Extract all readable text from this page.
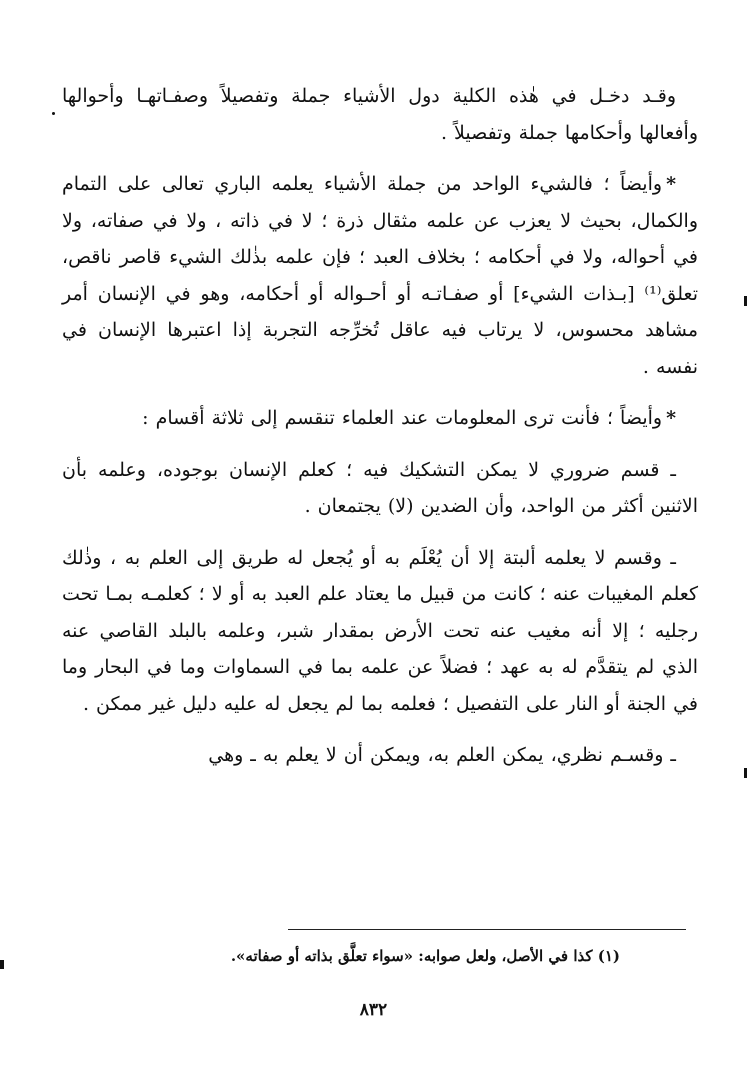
وقـد دخـل في هٰذه الكلية دول الأشياء جملة وتفصيلاً وصفـاتهـا وأحوالها وأفعالها وأحكامها جملة وتفصيلاً .

*وأيضاً ؛ فالشيء الواحد من جملة الأشياء يعلمه الباري تعالى على التمام والكمال، بحيث لا يعزب عن علمه مثقال ذرة ؛ لا في ذاته ، ولا في صفاته، ولا في أحواله، ولا في أحكامه ؛ بخلاف العبد ؛ فإن علمه بذٰلك الشيء قاصر ناقص، تعلق⁽¹⁾ [بـذات الشيء] أو صفـاتـه أو أحـواله أو أحكامه، وهو في الإنسان أمر مشاهد محسوس، لا يرتاب فيه عاقل تُخرِّجه التجربة إذا اعتبرها الإنسان في نفسه .

*وأيضاً ؛ فأنت ترى المعلومات عند العلماء تنقسم إلى ثلاثة أقسام :

ـ قسم ضروري لا يمكن التشكيك فيه ؛ كعلم الإنسان بوجوده، وعلمه بأن الاثنين أكثر من الواحد، وأن الضدين (لا) يجتمعان .

ـ وقسم لا يعلمه ألبتة إلا أن يُعْلَم به أو يُجعل له طريق إلى العلم به ، وذٰلك كعلم المغيبات عنه ؛ كانت من قبيل ما يعتاد علم العبد به أو لا ؛ كعلمـه بمـا تحت رجليه ؛ إلا أنه مغيب عنه تحت الأرض بمقدار شبر، وعلمه بالبلد القاصي عنه الذي لم يتقدَّم له به عهد ؛ فضلاً عن علمه بما في السماوات وما في البحار وما في الجنة أو النار على التفصيل ؛ فعلمه بما لم يجعل له عليه دليل غير ممكن .

ـ وقسـم نظري، يمكن العلم به، ويمكن أن لا يعلم به ـ وهي

(١) كذا في الأصل، ولعل صوابه: «سواء تعلَّق بذاته أو صفاته».
٨٣٢
